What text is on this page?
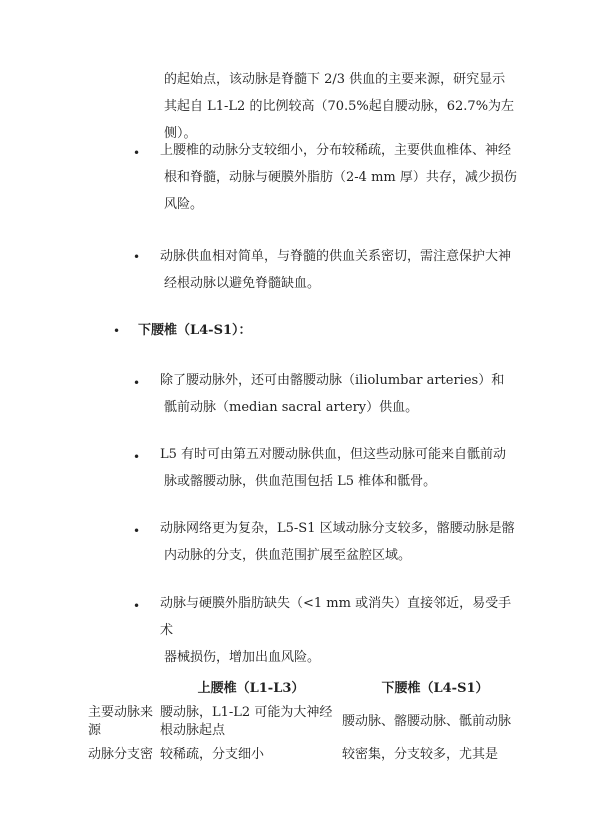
的起始点，该动脉是脊髓下 2/3 供血的主要来源，研究显示
其起自 L1-L2 的比例较高（70.5%起自腰动脉，62.7%为左侧）。

• 上腰椎的动脉分支较细小，分布较稀疏，主要供血椎体、神经

根和脊髓，动脉与硬膜外脂肪（2-4 mm 厚）共存，减少损伤
风险。

• 动脉供血相对简单，与脊髓的供血关系密切，需注意保护大神

经根动脉以避免脊髓缺血。

• 下腰椎（L4-S1）：
• 除了腰动脉外，还可由髂腰动脉（iliolumbar arteries）和

骶前动脉（median sacral artery）供血。

• L5 有时可由第五对腰动脉供血，但这些动脉可能来自骶前动

脉或髂腰动脉，供血范围包括 L5 椎体和骶骨。

• 动脉网络更为复杂，L5-S1 区域动脉分支较多，髂腰动脉是髂

内动脉的分支，供血范围扩展至盆腔区域。

• 动脉与硬膜外脂肪缺失（<1 mm 或消失）直接邻近，易受手术

器械损伤，增加出血风险。

	上腰椎（L1-L3）	下腰椎（L4-S1）
主要动脉来源	腰动脉，L1-L2 可能为大神经根动脉起点	腰动脉、髂腰动脉、骶前动脉
动脉分支密	较稀疏，分支细小	较密集，分支较多，尤其是
